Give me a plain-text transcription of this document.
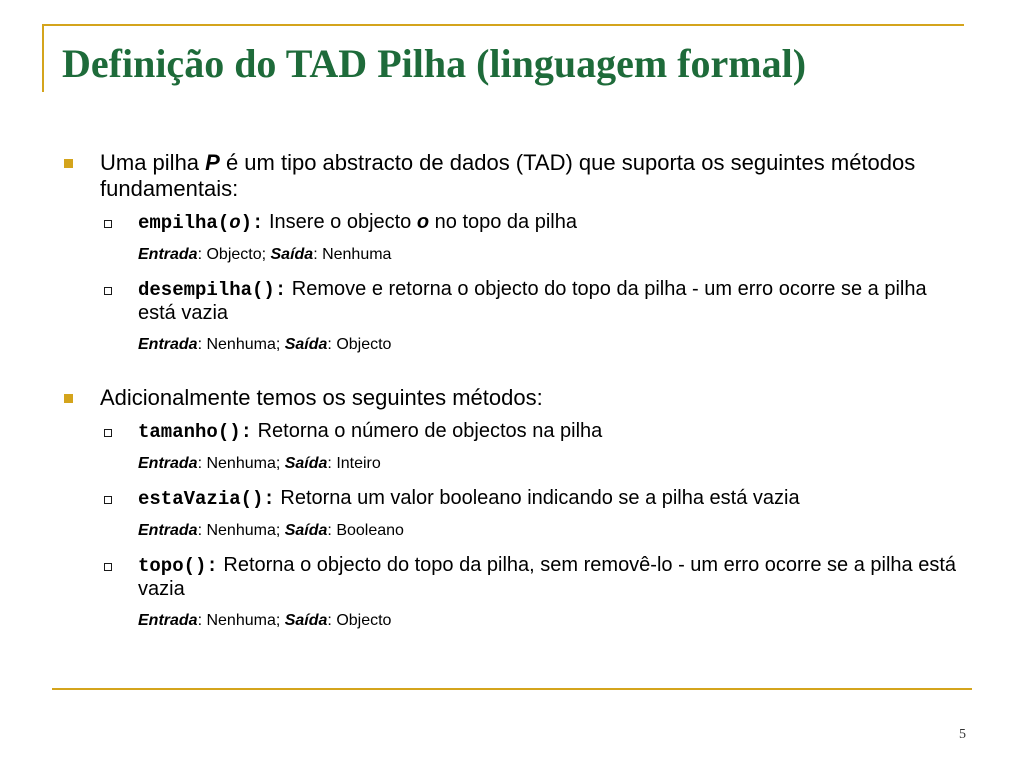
Definição do TAD Pilha (linguagem formal)
Uma pilha P é um tipo abstracto de dados (TAD) que suporta os seguintes métodos fundamentais:
empilha(o): Insere o objecto o no topo da pilha
Entrada: Objecto; Saída: Nenhuma
desempilha(): Remove e retorna o objecto do topo da pilha - um erro ocorre se a pilha está vazia
Entrada: Nenhuma; Saída: Objecto
Adicionalmente temos os seguintes métodos:
tamanho(): Retorna o número de objectos na pilha
Entrada: Nenhuma; Saída: Inteiro
estaVazia(): Retorna um valor booleano indicando se a pilha está vazia
Entrada: Nenhuma; Saída: Booleano
topo(): Retorna o objecto do topo da pilha, sem removê-lo - um erro ocorre se a pilha está vazia
Entrada: Nenhuma; Saída: Objecto
5
